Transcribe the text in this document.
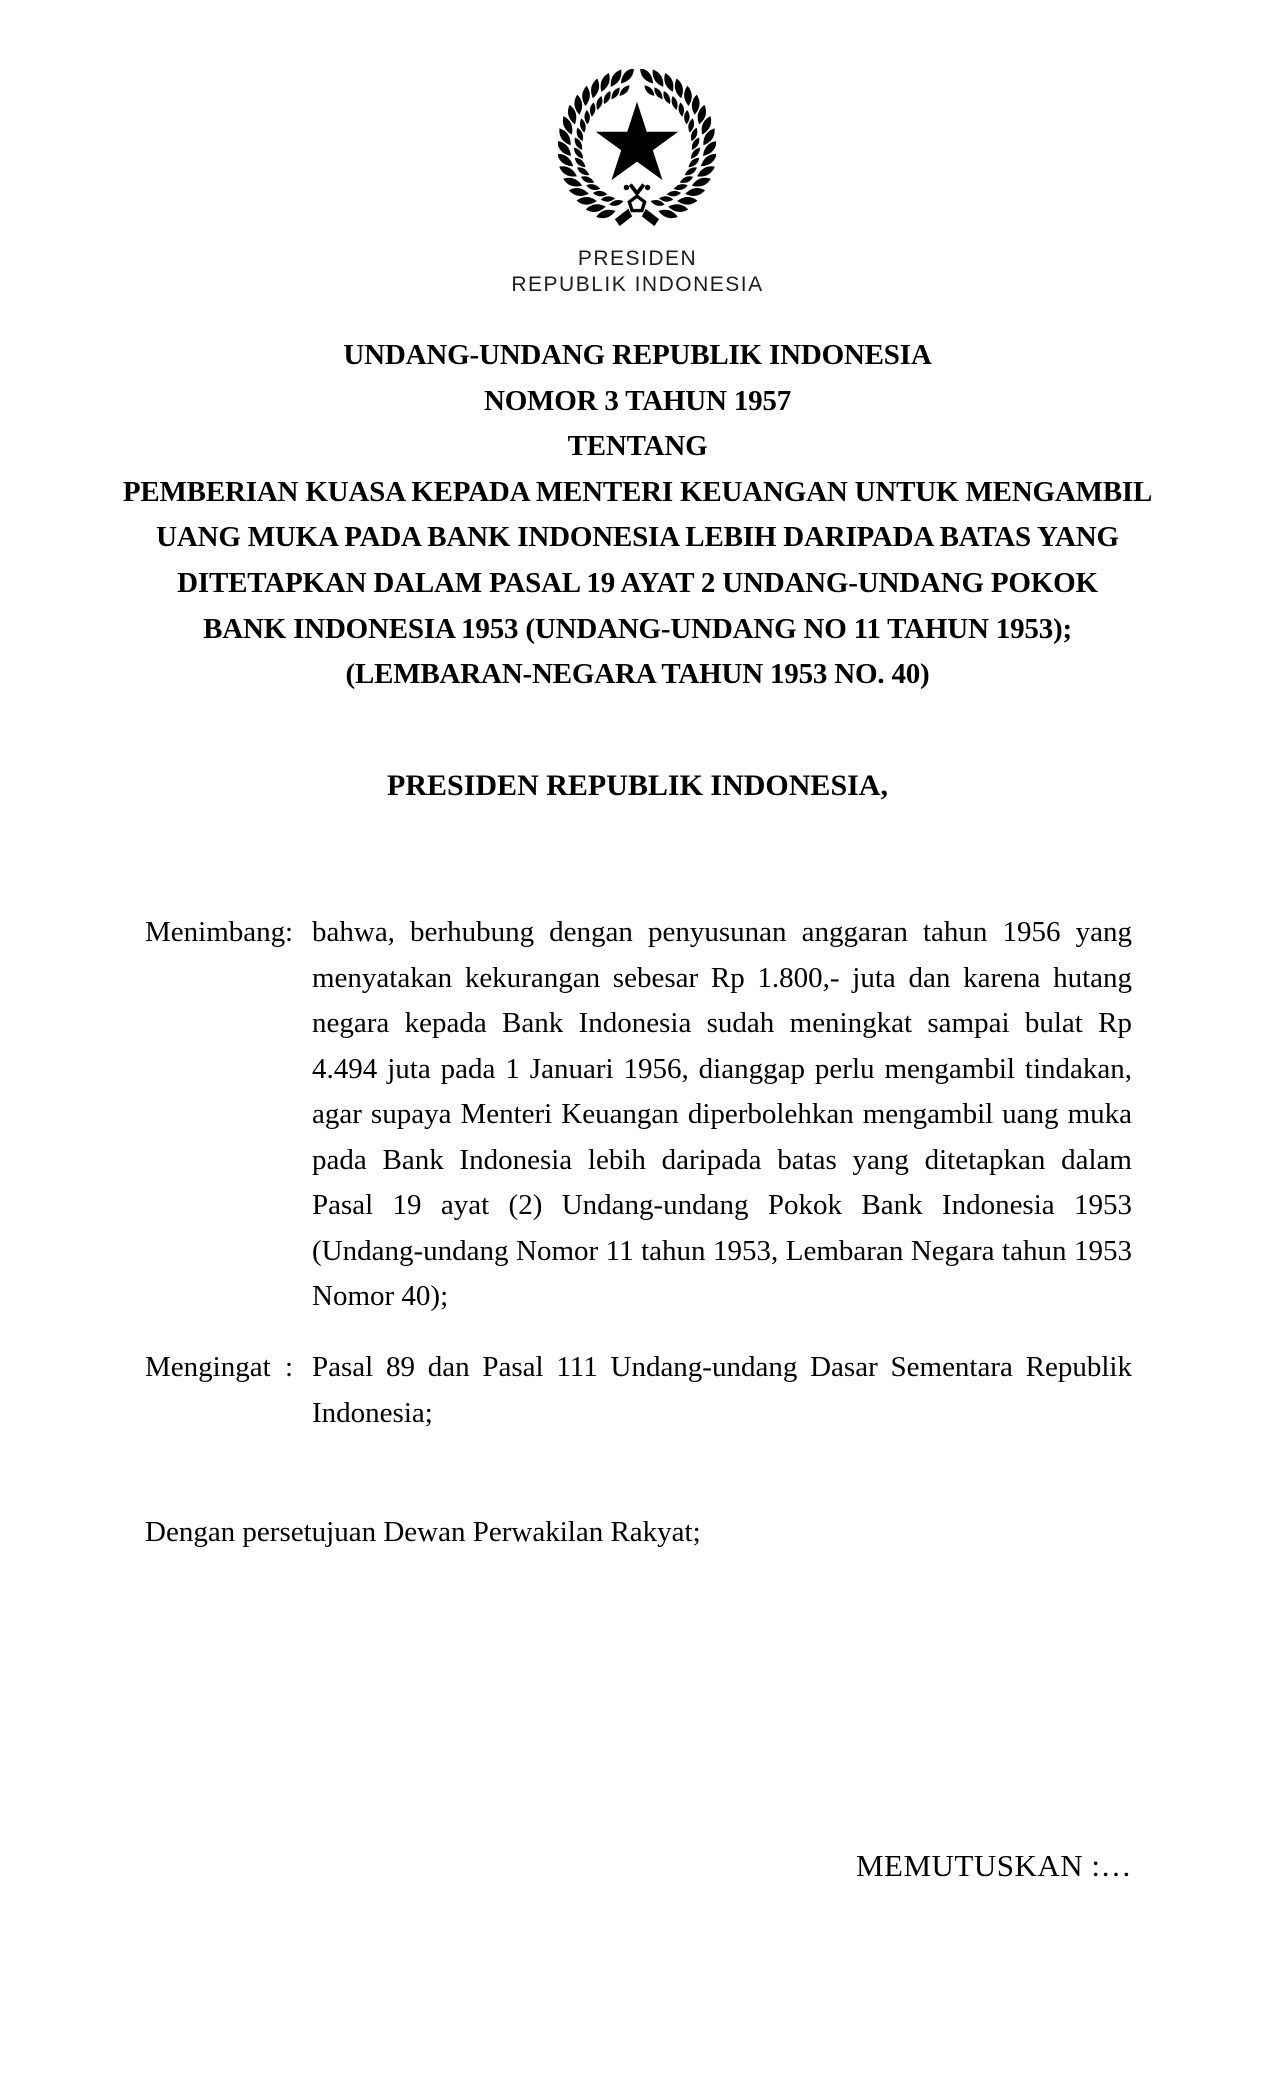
PRESIDEN
REPUBLIK INDONESIA
UNDANG-UNDANG REPUBLIK INDONESIA
NOMOR 3 TAHUN 1957
TENTANG
PEMBERIAN KUASA KEPADA MENTERI KEUANGAN UNTUK MENGAMBIL
UANG MUKA PADA BANK INDONESIA LEBIH DARIPADA BATAS YANG
DITETAPKAN DALAM PASAL 19 AYAT 2 UNDANG-UNDANG POKOK
BANK INDONESIA 1953 (UNDANG-UNDANG NO 11 TAHUN 1953);
(LEMBARAN-NEGARA TAHUN 1953 NO. 40)
PRESIDEN REPUBLIK INDONESIA,
Menimbang : bahwa, berhubung dengan penyusunan anggaran tahun 1956 yang menyatakan kekurangan sebesar Rp 1.800,- juta dan karena hutang negara kepada Bank Indonesia sudah meningkat sampai bulat Rp 4.494 juta pada 1 Januari 1956, dianggap perlu mengambil tindakan, agar supaya Menteri Keuangan diperbolehkan mengambil uang muka pada Bank Indonesia lebih daripada batas yang ditetapkan dalam Pasal 19 ayat (2) Undang-undang Pokok Bank Indonesia 1953 (Undang-undang Nomor 11 tahun 1953, Lembaran Negara tahun 1953 Nomor 40);
Mengingat : Pasal 89 dan Pasal 111 Undang-undang Dasar Sementara Republik Indonesia;
Dengan persetujuan Dewan Perwakilan Rakyat;
MEMUTUSKAN :…
